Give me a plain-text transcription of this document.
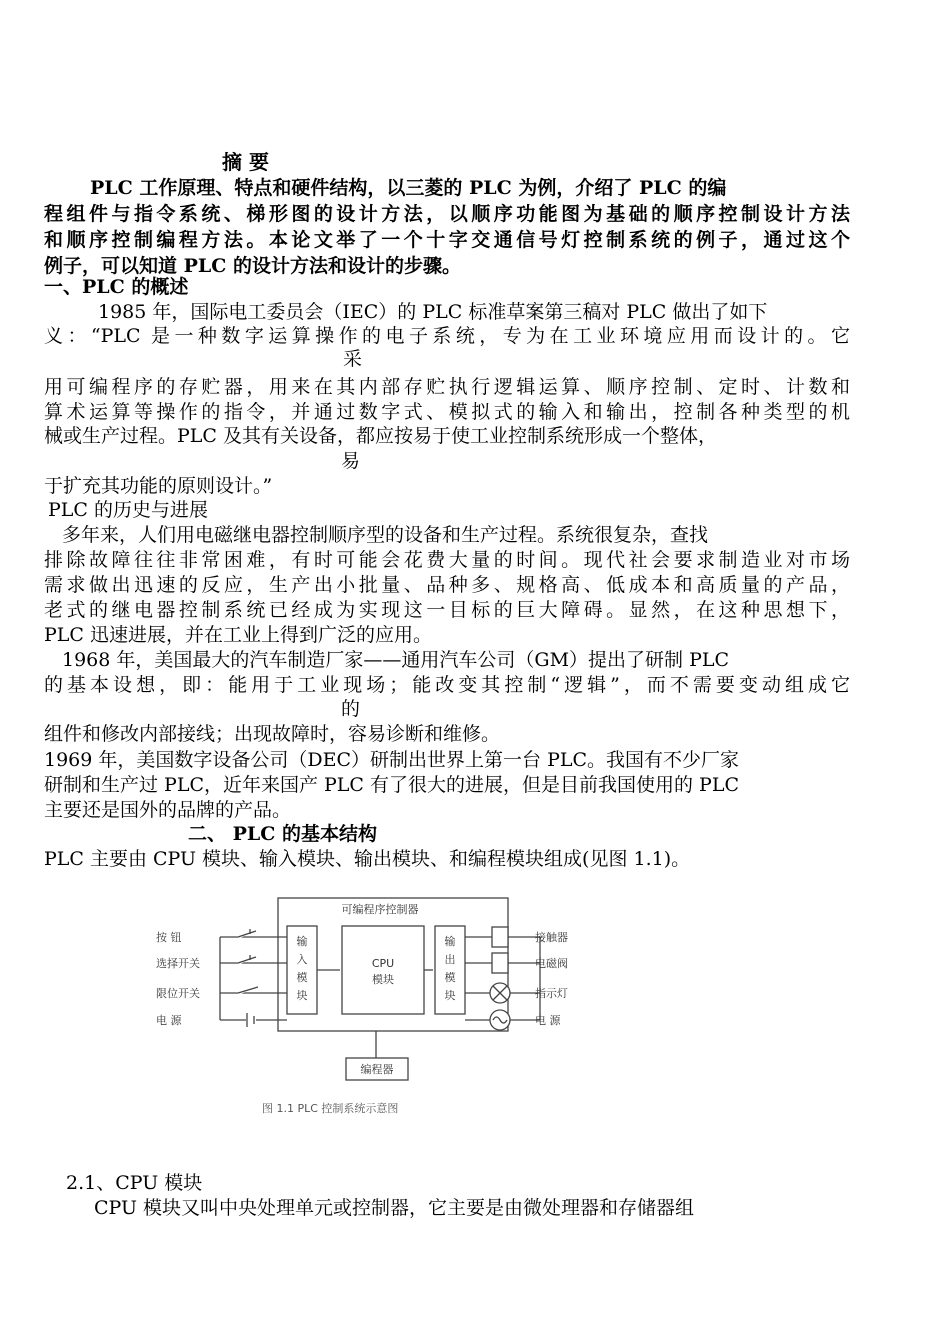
摘 要
PLC 工作原理、特点和硬件结构，以三菱的 PLC 为例，介绍了 PLC 的编
程组件与指令系统、梯形图的设计方法，以顺序功能图为基础的顺序控制设计方法
和顺序控制编程方法。本论文举了一个十字交通信号灯控制系统的例子，通过这个
例子，可以知道 PLC 的设计方法和设计的步骤。
一、PLC 的概述
1985 年，国际电工委员会（IEC）的 PLC 标准草案第三稿对 PLC 做出了如下
义：“PLC 是一种数字运算操作的电子系统，专为在工业环境应用而设计的。它
采
用可编程序的存贮器，用来在其内部存贮执行逻辑运算、顺序控制、定时、计数和
算术运算等操作的指令，并通过数字式、模拟式的输入和输出，控制各种类型的机
械或生产过程。PLC 及其有关设备，都应按易于使工业控制系统形成一个整体，
易
于扩充其功能的原则设计。”
PLC 的历史与进展
多年来，人们用电磁继电器控制顺序型的设备和生产过程。系统很复杂，查找
排除故障往往非常困难，有时可能会花费大量的时间。现代社会要求制造业对市场
需求做出迅速的反应，生产出小批量、品种多、规格高、低成本和高质量的产品，
老式的继电器控制系统已经成为实现这一目标的巨大障碍。显然，在这种思想下，
PLC 迅速进展，并在工业上得到广泛的应用。
1968 年，美国最大的汽车制造厂家——通用汽车公司（GM）提出了研制 PLC
的基本设想，即：能用于工业现场；能改变其控制“逻辑”，而不需要变动组成它
的
组件和修改内部接线；出现故障时，容易诊断和维修。
1969 年，美国数字设备公司（DEC）研制出世界上第一台 PLC。我国有不少厂家
研制和生产过 PLC，近年来国产 PLC 有了很大的进展，但是目前我国使用的 PLC
主要还是国外的品牌的产品。
二、 PLC 的基本结构
PLC 主要由 CPU 模块、输入模块、输出模块、和编程模块组成(见图 1.1)。
可编程序控制器
按 钮
选择开关
限位开关
电 源
输
入
模
块
CPU
模块
输
出
模
块
接触器
电磁阀
指示灯
电 源
编程器
图 1.1 PLC 控制系统示意图
2.1、CPU 模块
CPU 模块又叫中央处理单元或控制器，它主要是由微处理器和存储器组
